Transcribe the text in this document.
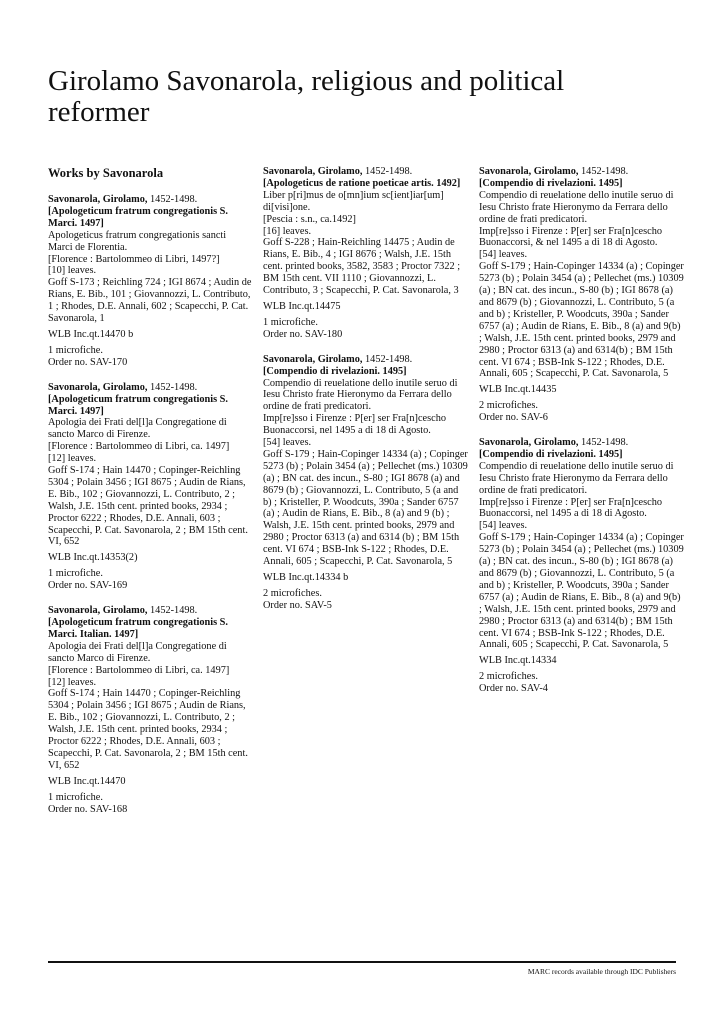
Girolamo Savonarola, religious and political reformer
Works by Savonarola

Savonarola, Girolamo, 1452-1498.

[Apologeticum fratrum congregationis S. Marci. 1497]

Apologeticus fratrum congregationis sancti Marci de Florentia.

[Florence : Bartolommeo di Libri, 1497?]

[10] leaves.

Goff S-173 ; Reichling 724 ; IGI 8674 ; Audin de Rians, E. Bib., 101 ; Giovannozzi, L. Contributo, 1 ; Rhodes, D.E. Annali, 602 ; Scapecchi, P. Cat. Savonarola, 1

WLB Inc.qt.14470 b

1 microfiche.

Order no. SAV-170

Savonarola, Girolamo, 1452-1498.

[Apologeticum fratrum congregationis S. Marci. 1497]

Apologia dei Frati del[l]a Congregatione di sancto Marco di Firenze.

[Florence : Bartolommeo di Libri, ca. 1497]

[12] leaves.

Goff S-174 ; Hain 14470 ; Copinger-Reichling 5304 ; Polain 3456 ; IGI 8675 ; Audin de Rians, E. Bib., 102 ; Giovannozzi, L. Contributo, 2 ; Walsh, J.E. 15th cent. printed books, 2934 ; Proctor 6222 ; Rhodes, D.E. Annali, 603 ; Scapecchi, P. Cat. Savonarola, 2 ; BM 15th cent. VI, 652

WLB Inc.qt.14353(2)

1 microfiche.

Order no. SAV-169

Savonarola, Girolamo, 1452-1498.

[Apologeticum fratrum congregationis S. Marci. Italian. 1497]

Apologia dei Frati del[l]a Congregatione di sancto Marco di Firenze.

[Florence : Bartolommeo di Libri, ca. 1497]

[12] leaves.

Goff S-174 ; Hain 14470 ; Copinger-Reichling 5304 ; Polain 3456 ; IGI 8675 ; Audin de Rians, E. Bib., 102 ; Giovannozzi, L. Contributo, 2 ; Walsh, J.E. 15th cent. printed books, 2934 ; Proctor 6222 ; Rhodes, D.E. Annali, 603 ; Scapecchi, P. Cat. Savonarola, 2 ; BM 15th cent. VI, 652

WLB Inc.qt.14470

1 microfiche.

Order no. SAV-168

Savonarola, Girolamo, 1452-1498.

[Apologeticus de ratione poeticae artis. 1492]

Liber p[ri]mus de o[mn]ium sc[ient]iar[um] di[visi]one.

[Pescia : s.n., ca.1492]

[16] leaves.

Goff S-228 ; Hain-Reichling 14475 ; Audin de Rians, E. Bib., 4 ; IGI 8676 ; Walsh, J.E. 15th cent. printed books, 3582, 3583 ; Proctor 7322 ; BM 15th cent. VII 1110 ; Giovannozzi, L. Contributo, 3 ; Scapecchi, P. Cat. Savonarola, 3

WLB Inc.qt.14475

1 microfiche.

Order no. SAV-180

Savonarola, Girolamo, 1452-1498.

[Compendio di rivelazioni. 1495]

Compendio di reuelatione dello inutile seruo di Iesu Christo frate Hieronymo da Ferrara dello ordine de frati predicatori.

Imp[re]sso i Firenze : P[er] ser Fra[n]cescho Buonaccorsi, nel 1495 a di 18 di Agosto.

[54] leaves.

Goff S-179 ; Hain-Copinger 14334 (a) ; Copinger 5273 (b) ; Polain 3454 (a) ; Pellechet (ms.) 10309 (a) ; BN cat. des incun., S-80 ; IGI 8678 (a) and 8679 (b) ; Giovannozzi, L. Contributo, 5 (a and b) ; Kristeller, P. Woodcuts, 390a ; Sander 6757 (a) ; Audin de Rians, E. Bib., 8 (a) and 9 (b) ; Walsh, J.E. 15th cent. printed books, 2979 and 2980 ; Proctor 6313 (a) and 6314 (b) ; BM 15th cent. VI 674 ; BSB-Ink S-122 ; Rhodes, D.E. Annali, 605 ; Scapecchi, P. Cat. Savonarola, 5

WLB Inc.qt.14334 b

2 microfiches.

Order no. SAV-5

Savonarola, Girolamo, 1452-1498.

[Compendio di rivelazioni. 1495]

Compendio di reuelatione dello inutile seruo di Iesu Christo frate Hieronymo da Ferrara dello ordine de frati predicatori.

Imp[re]sso i Firenze : P[er] ser Fra[n]cescho Buonaccorsi, & nel 1495 a di 18 di Agosto.

[54] leaves.

Goff S-179 ; Hain-Copinger 14334 (a) ; Copinger 5273 (b) ; Polain 3454 (a) ; Pellechet (ms.) 10309 (a) ; BN cat. des incun., S-80 (b) ; IGI 8678 (a) and 8679 (b) ; Giovannozzi, L. Contributo, 5 (a and b) ; Kristeller, P. Woodcuts, 390a ; Sander 6757 (a) ; Audin de Rians, E. Bib., 8 (a) and 9(b) ; Walsh, J.E. 15th cent. printed books, 2979 and 2980 ; Proctor 6313 (a) and 6314(b) ; BM 15th cent. VI 674 ; BSB-Ink S-122 ; Rhodes, D.E. Annali, 605 ; Scapecchi, P. Cat. Savonarola, 5

WLB Inc.qt.14435

2 microfiches.

Order no. SAV-6

Savonarola, Girolamo, 1452-1498.

[Compendio di rivelazioni. 1495]

Compendio di reuelatione dello inutile seruo di Iesu Christo frate Hieronymo da Ferrara dello ordine de frati predicatori.

Imp[re]sso i Firenze : P[er] ser Fra[n]cescho Buonaccorsi, nel 1495 a di 18 di Agosto.

[54] leaves.

Goff S-179 ; Hain-Copinger 14334 (a) ; Copinger 5273 (b) ; Polain 3454 (a) ; Pellechet (ms.) 10309 (a) ; BN cat. des incun., S-80 (b) ; IGI 8678 (a) and 8679 (b) ; Giovannozzi, L. Contributo, 5 (a and b) ; Kristeller, P. Woodcuts, 390a ; Sander 6757 (a) ; Audin de Rians, E. Bib., 8 (a) and 9(b) ; Walsh, J.E. 15th cent. printed books, 2979 and 2980 ; Proctor 6313 (a) and 6314(b) ; BM 15th cent. VI 674 ; BSB-Ink S-122 ; Rhodes, D.E. Annali, 605 ; Scapecchi, P. Cat. Savonarola, 5

WLB Inc.qt.14334

2 microfiches.

Order no. SAV-4

MARC records available through IDC Publishers
